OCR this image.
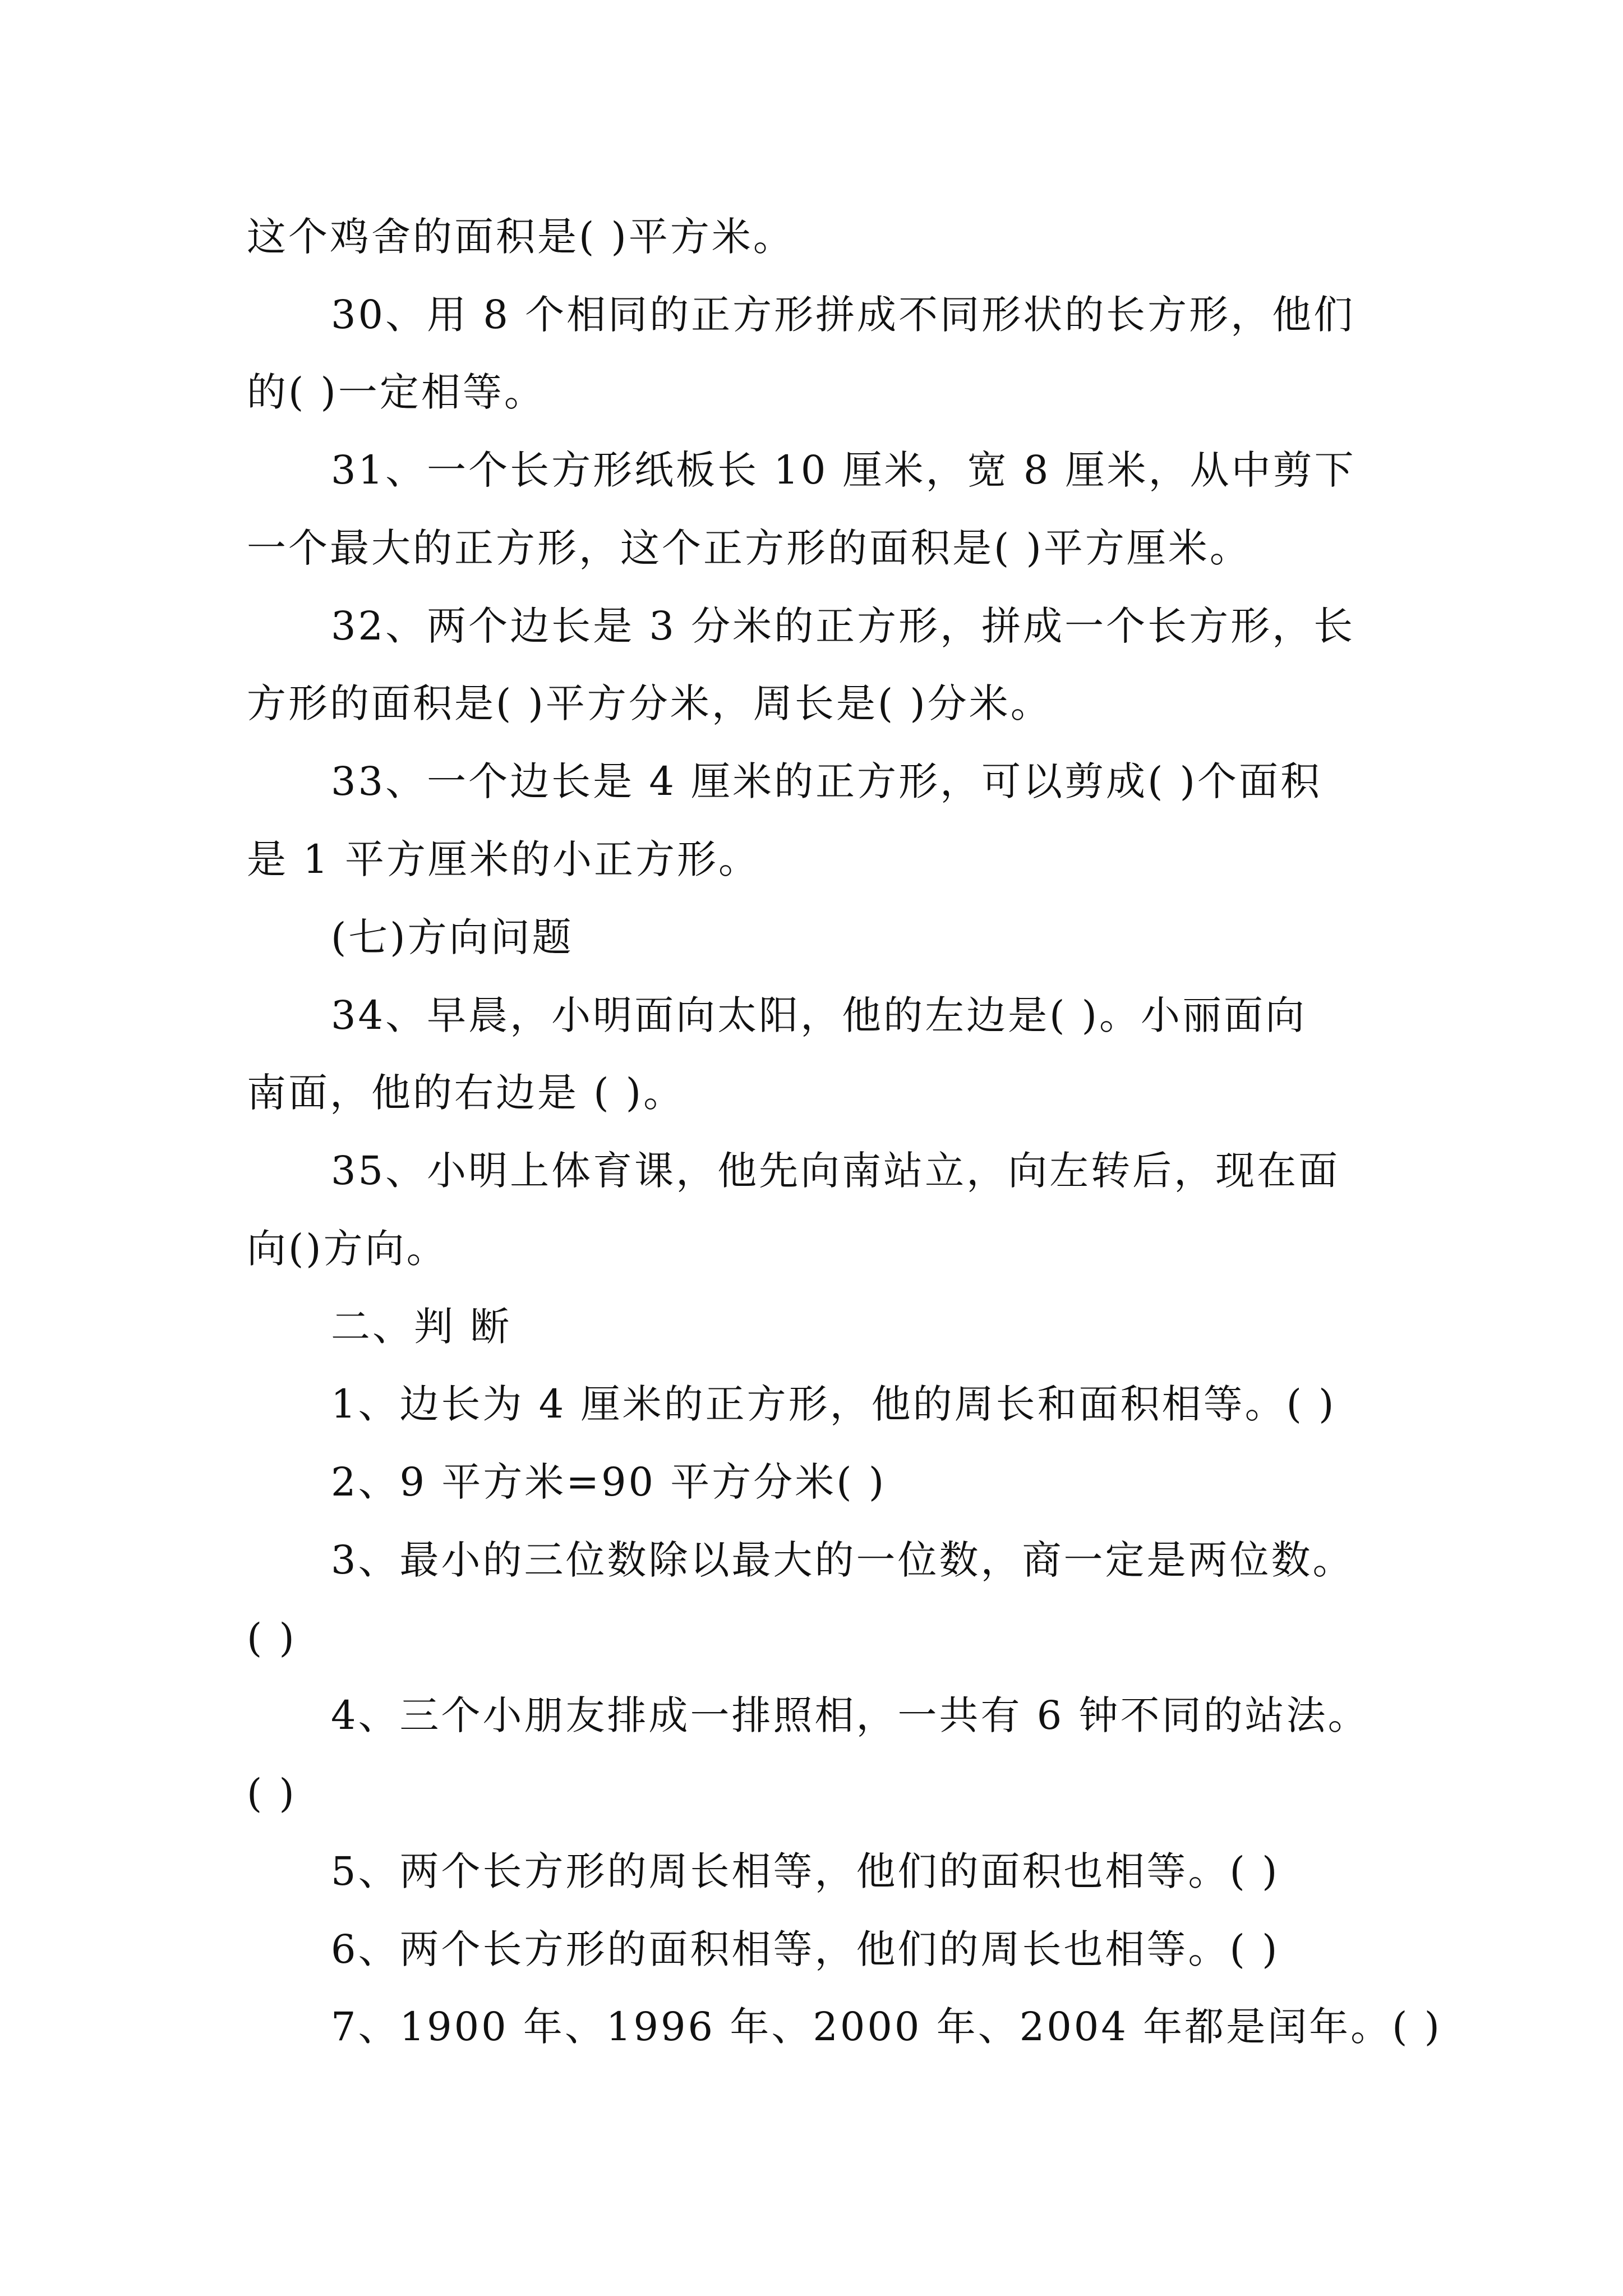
这个鸡舍的面积是( )平方米。
30、用 8 个相同的正方形拼成不同形状的长方形，他们
的( )一定相等。
31、一个长方形纸板长 10 厘米，宽 8 厘米，从中剪下
一个最大的正方形，这个正方形的面积是( )平方厘米。
32、两个边长是 3 分米的正方形，拼成一个长方形，长
方形的面积是( )平方分米，周长是( )分米。
33、一个边长是 4 厘米的正方形，可以剪成( )个面积
是 1 平方厘米的小正方形。
(七)方向问题
34、早晨，小明面向太阳，他的左边是( )。小丽面向
南面，他的右边是 ( )。
35、小明上体育课，他先向南站立，向左转后，现在面
向()方向。
二、判 断
1、边长为 4 厘米的正方形，他的周长和面积相等。( )
2、9 平方米=90 平方分米( )
3、最小的三位数除以最大的一位数，商一定是两位数。
( )
4、三个小朋友排成一排照相，一共有 6 钟不同的站法。
( )
5、两个长方形的周长相等，他们的面积也相等。( )
6、两个长方形的面积相等，他们的周长也相等。( )
7、1900 年、1996 年、2000 年、2004 年都是闰年。( )
